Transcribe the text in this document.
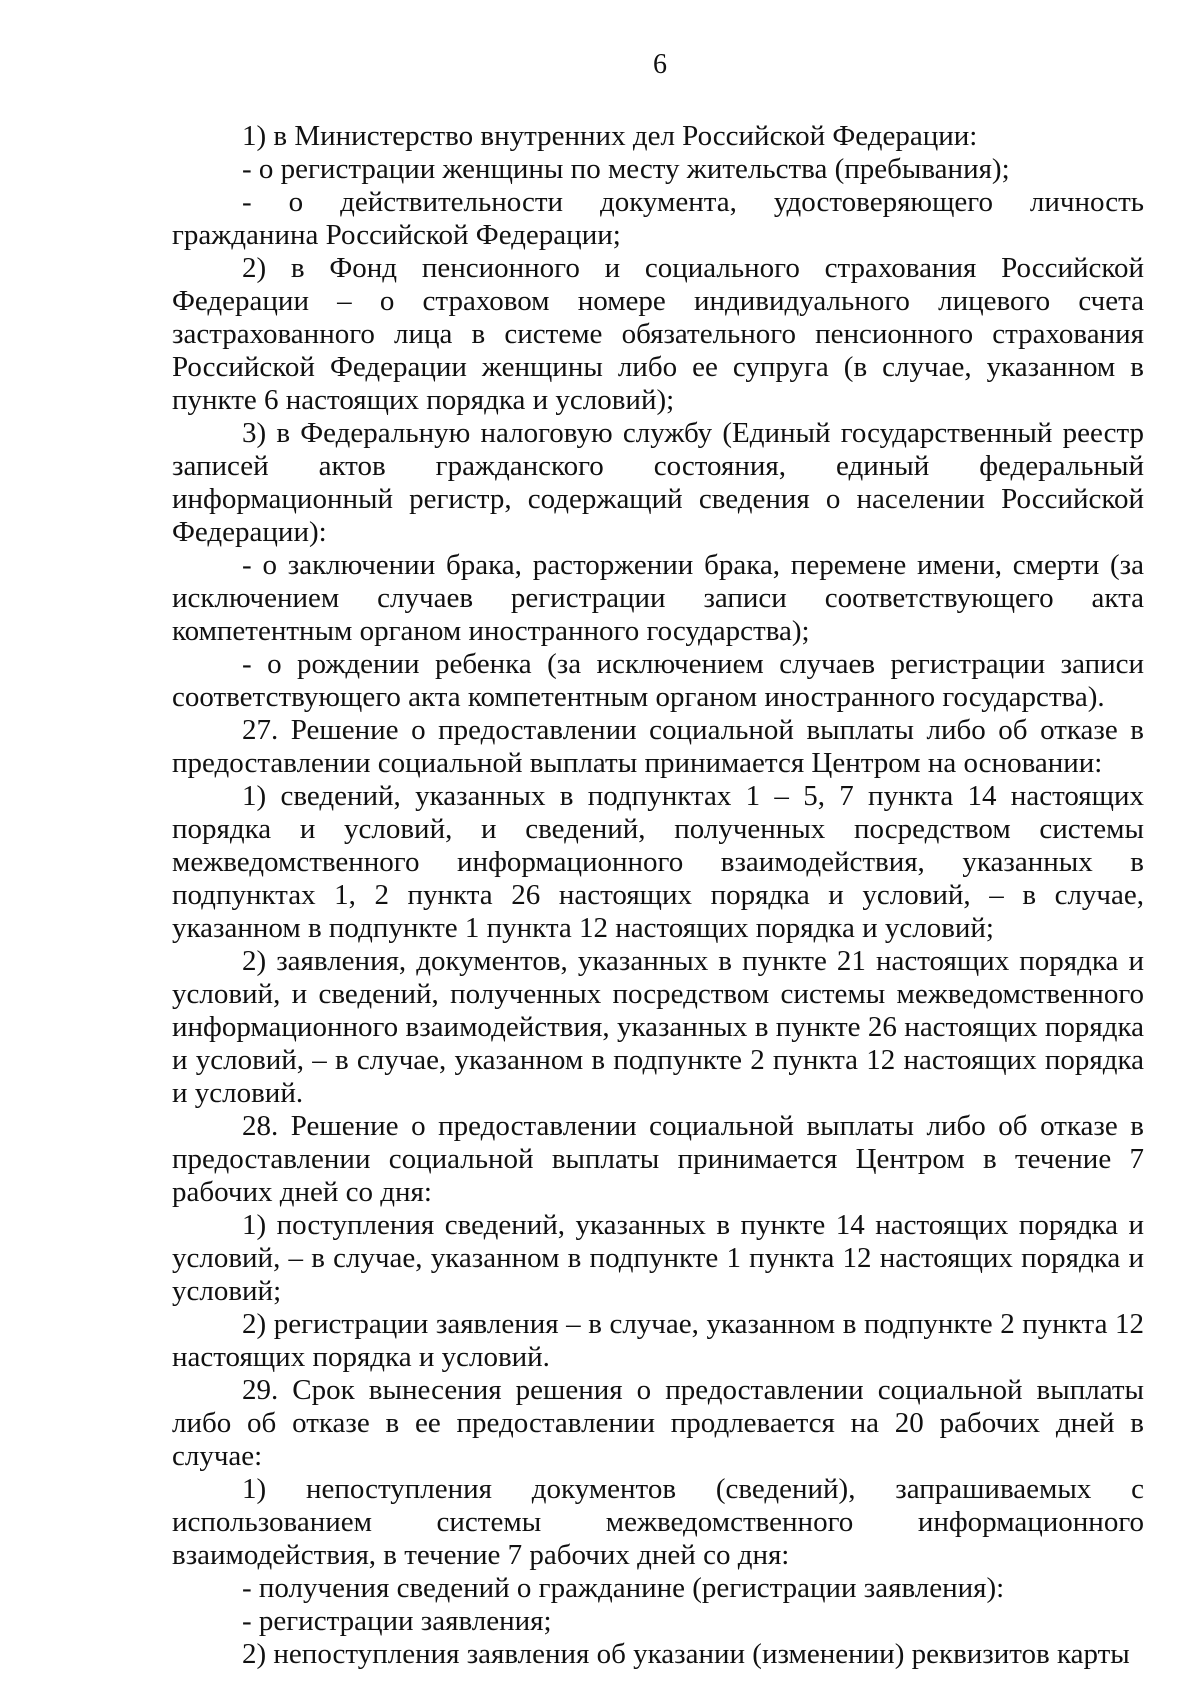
6

1) в Министерство внутренних дел Российской Федерации:

- о регистрации женщины по месту жительства (пребывания);

- о действительности документа, удостоверяющего личность гражданина Российской Федерации;

2) в Фонд пенсионного и социального страхования Российской Федерации – о страховом номере индивидуального лицевого счета застрахованного лица в системе обязательного пенсионного страхования Российской Федерации женщины либо ее супруга (в случае, указанном в пункте 6 настоящих порядка и условий);

3) в Федеральную налоговую службу (Единый государственный реестр записей актов гражданского состояния, единый федеральный информационный регистр, содержащий сведения о населении Российской Федерации):

- о заключении брака, расторжении брака, перемене имени, смерти (за исключением случаев регистрации записи соответствующего акта компетентным органом иностранного государства);

- о рождении ребенка (за исключением случаев регистрации записи соответствующего акта компетентным органом иностранного государства).

27. Решение о предоставлении социальной выплаты либо об отказе в предоставлении социальной выплаты принимается Центром на основании:

1) сведений, указанных в подпунктах 1 – 5, 7 пункта 14 настоящих порядка и условий, и сведений, полученных посредством системы межведомственного информационного взаимодействия, указанных в подпунктах 1, 2 пункта 26 настоящих порядка и условий, – в случае, указанном в подпункте 1 пункта 12 настоящих порядка и условий;

2) заявления, документов, указанных в пункте 21 настоящих порядка и условий, и сведений, полученных посредством системы межведомственного информационного взаимодействия, указанных в пункте 26 настоящих порядка и условий, – в случае, указанном в подпункте 2 пункта 12 настоящих порядка и условий.

28. Решение о предоставлении социальной выплаты либо об отказе в предоставлении социальной выплаты принимается Центром в течение 7 рабочих дней со дня:

1) поступления сведений, указанных в пункте 14 настоящих порядка и условий, – в случае, указанном в подпункте 1 пункта 12 настоящих порядка и условий;

2) регистрации заявления – в случае, указанном в подпункте 2 пункта 12 настоящих порядка и условий.

29. Срок вынесения решения о предоставлении социальной выплаты либо об отказе в ее предоставлении продлевается на 20 рабочих дней в случае:

1) непоступления документов (сведений), запрашиваемых с использованием системы межведомственного информационного взаимодействия, в течение 7 рабочих дней со дня:

- получения сведений о гражданине (регистрации заявления):

- регистрации заявления;

2) непоступления заявления об указании (изменении) реквизитов карты
